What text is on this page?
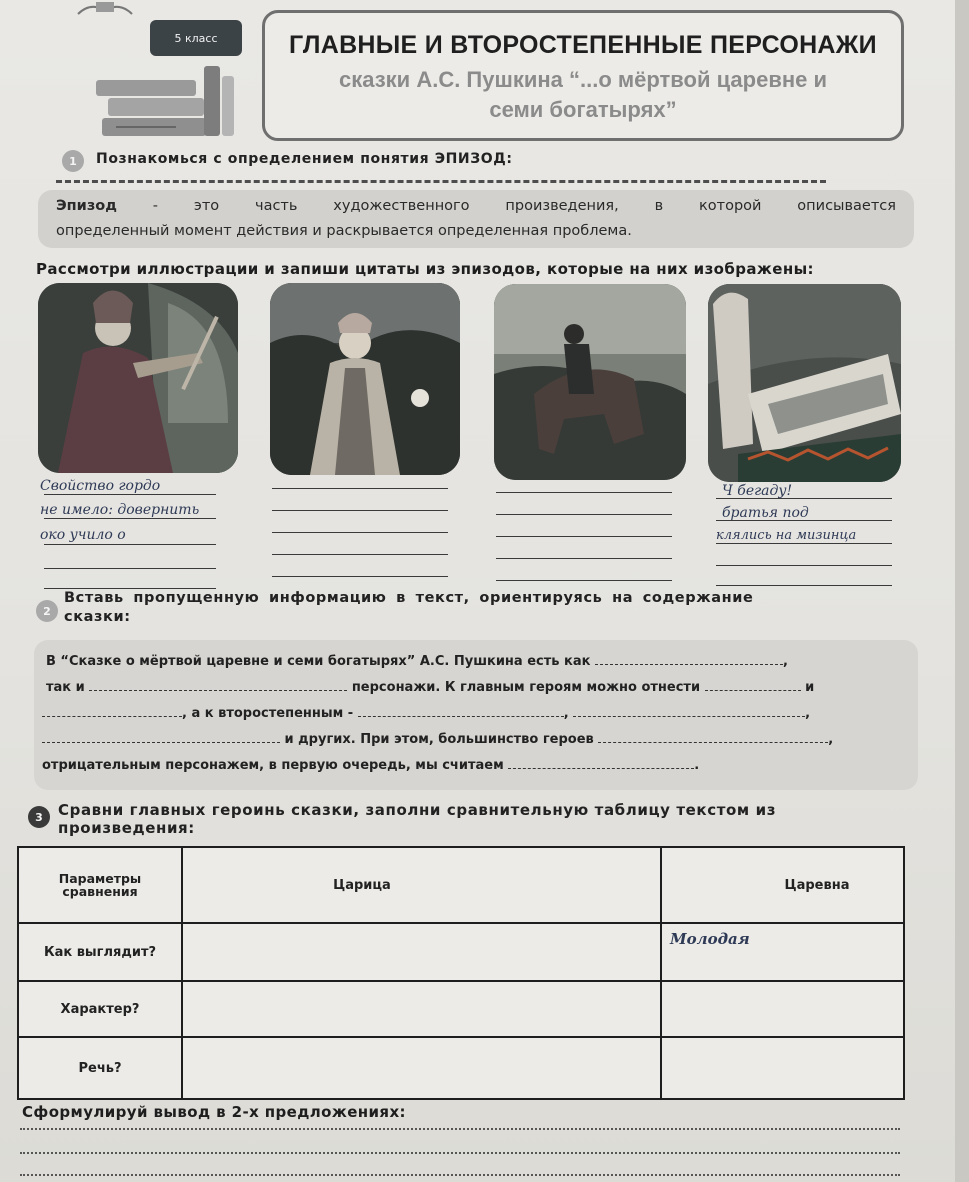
5 класс	ГЛАВНЫЕ И ВТОРОСТЕПЕННЫЕ ПЕРСОНАЖИ
сказки А.С. Пушкина “...о мёртвой царевне и
семи богатырях”
1	Познакомься с определением понятия ЭПИЗОД:
Эпизод - это часть художественного произведения, в которой описывается
определенный момент действия и раскрывается определенная проблема.
Рассмотри иллюстрации и запиши цитаты из эпизодов, которые на них изображены:
Свойство гордо
не имело: довернить
око учило о
Ч бегаду!
братья под
клялись на мизинца
2
Вставь пропущенную информацию в текст, ориентируясь на содержание
сказки:
В “Сказке о мёртвой царевне и семи богатырях” А.С. Пушкина есть как	,
так и	персонажи. К главным героям можно отнести	и
, а к второстепенным -	,	,
и других. При этом, большинство героев	,
отрицательным персонажем, в первую очередь, мы считаем	.
3	Сравни главных героинь сказки, заполни сравнительную таблицу текстом из
произведения:
Параметры сравнения	Царица	Царевна
Как выглядит?		Молодая
Характер?		
Речь?		
Сформулируй вывод в 2-х предложениях:
